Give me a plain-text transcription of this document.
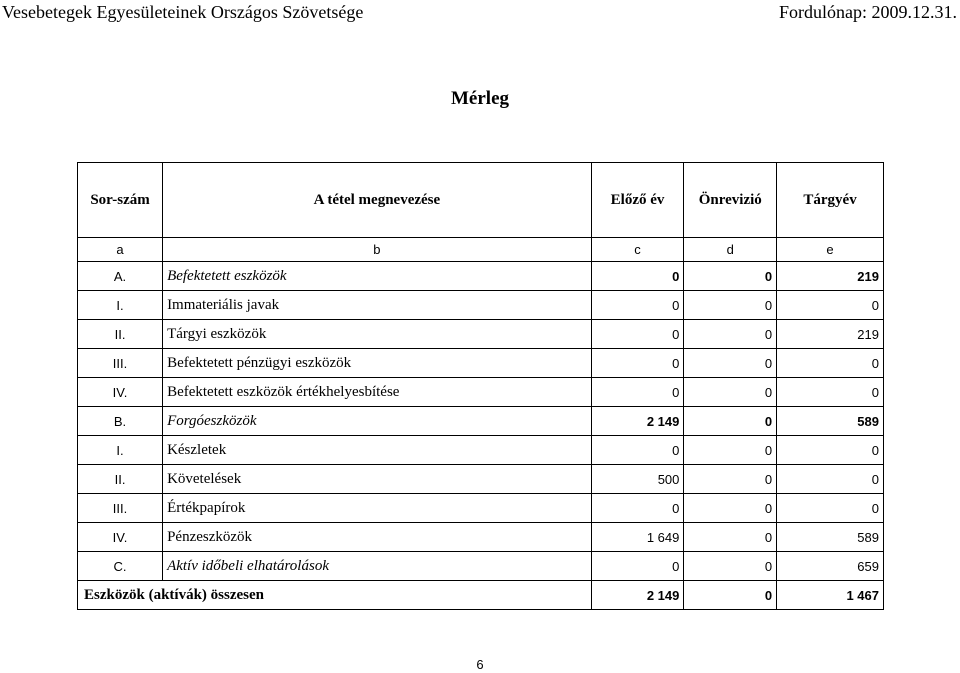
Vesebetegek Egyesületeinek Országos Szövetsége	Fordulónap: 2009.12.31.
Mérleg
Sor-szám	A tétel megnevezése	Előző év	Önrevizió	Tárgyév
a	b	c	d	e
A.	Befektetett eszközök	0	0	219
I.	Immateriális javak	0	0	0
II.	Tárgyi eszközök	0	0	219
III.	Befektetett pénzügyi eszközök	0	0	0
IV.	Befektetett eszközök értékhelyesbítése	0	0	0
B.	Forgóeszközök	2 149	0	589
I.	Készletek	0	0	0
II.	Követelések	500	0	0
III.	Értékpapírok	0	0	0
IV.	Pénzeszközök	1 649	0	589
C.	Aktív időbeli elhatárolások	0	0	659
Eszközök (aktívák) összesen		2 149	0	1 467
6
